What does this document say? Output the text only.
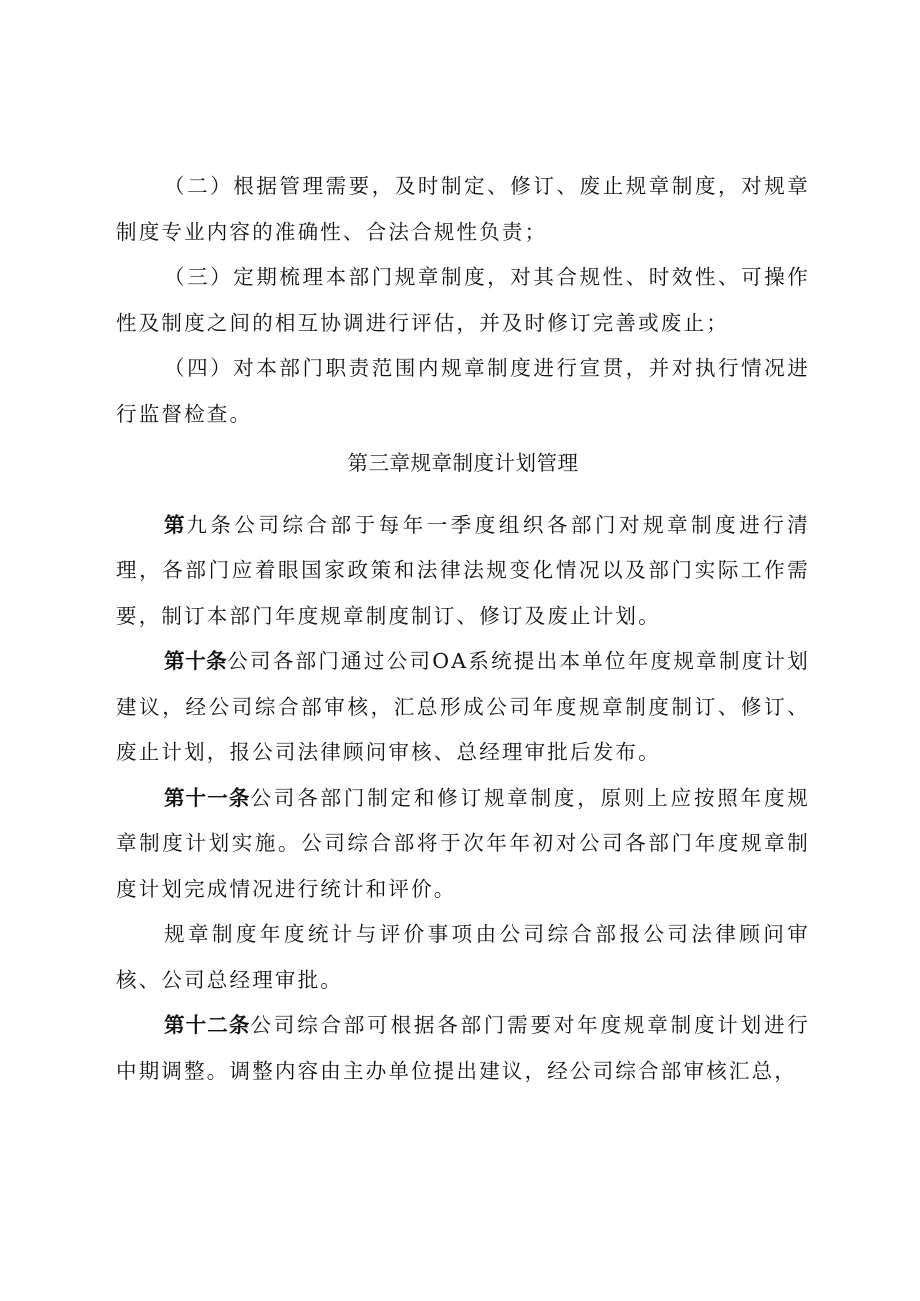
（二）根据管理需要，及时制定、修订、废止规章制度，对规章制度专业内容的准确性、合法合规性负责；

（三）定期梳理本部门规章制度，对其合规性、时效性、可操作性及制度之间的相互协调进行评估，并及时修订完善或废止；

（四）对本部门职责范围内规章制度进行宣贯，并对执行情况进行监督检查。

第三章规章制度计划管理

第九条公司综合部于每年一季度组织各部门对规章制度进行清理，各部门应着眼国家政策和法律法规变化情况以及部门实际工作需要，制订本部门年度规章制度制订、修订及废止计划。

第十条公司各部门通过公司OA系统提出本单位年度规章制度计划建议，经公司综合部审核，汇总形成公司年度规章制度制订、修订、废止计划，报公司法律顾问审核、总经理审批后发布。

第十一条公司各部门制定和修订规章制度，原则上应按照年度规章制度计划实施。公司综合部将于次年年初对公司各部门年度规章制度计划完成情况进行统计和评价。

规章制度年度统计与评价事项由公司综合部报公司法律顾问审核、公司总经理审批。

第十二条公司综合部可根据各部门需要对年度规章制度计划进行中期调整。调整内容由主办单位提出建议，经公司综合部审核汇总，
